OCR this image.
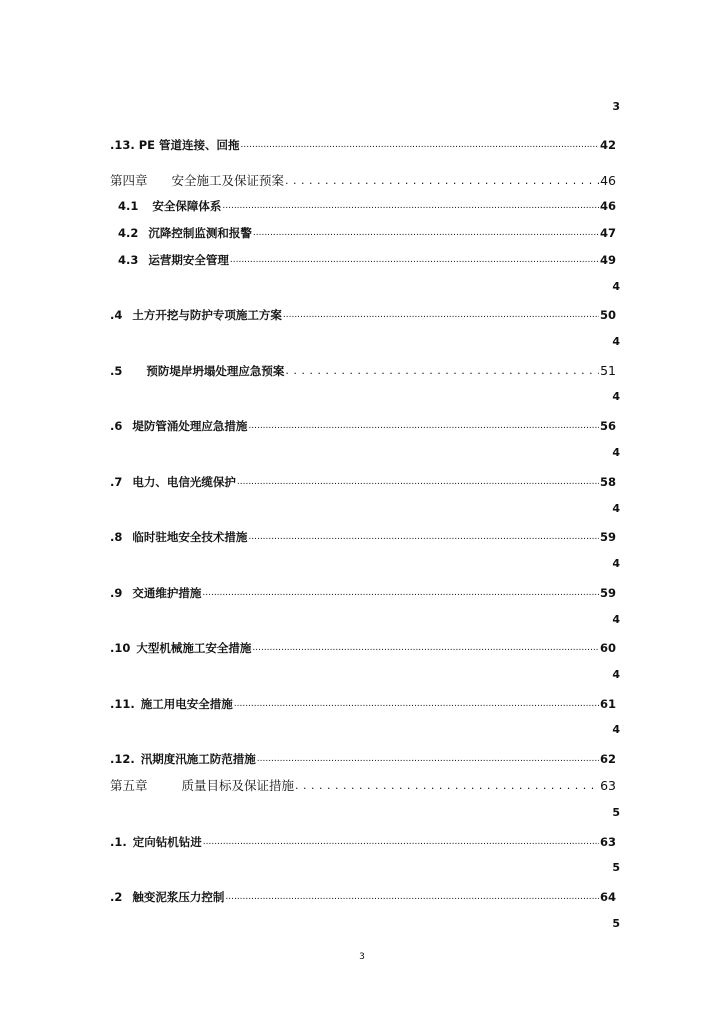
3
.13. PE 管道连接、回拖 .....	42
第四章 安全施工及保证预案 . . .	46
4.1 安全保障体系 .....	46
4.2 沉降控制监测和报警 .....	47
4.3 运营期安全管理 .....	49
4
.4 土方开挖与防护专项施工方案 .....	50
4
.5 预防堤岸坍塌处理应急预案 . . .	51
4
.6 堤防管涌处理应急措施 .....	56
4
.7 电力、电信光缆保护 .....	58
4
.8 临时驻地安全技术措施 .....	59
4
.9 交通维护措施 .....	59
4
.10 大型机械施工安全措施 .....	60
4
.11. 施工用电安全措施 .....	61
4
.12. 汛期度汛施工防范措施 .....	62
第五章	质量目标及保证措施 . . .	63
5
.1. 定向钻机钻进 .....	63
5
.2 触变泥浆压力控制 .....	64
5
3
